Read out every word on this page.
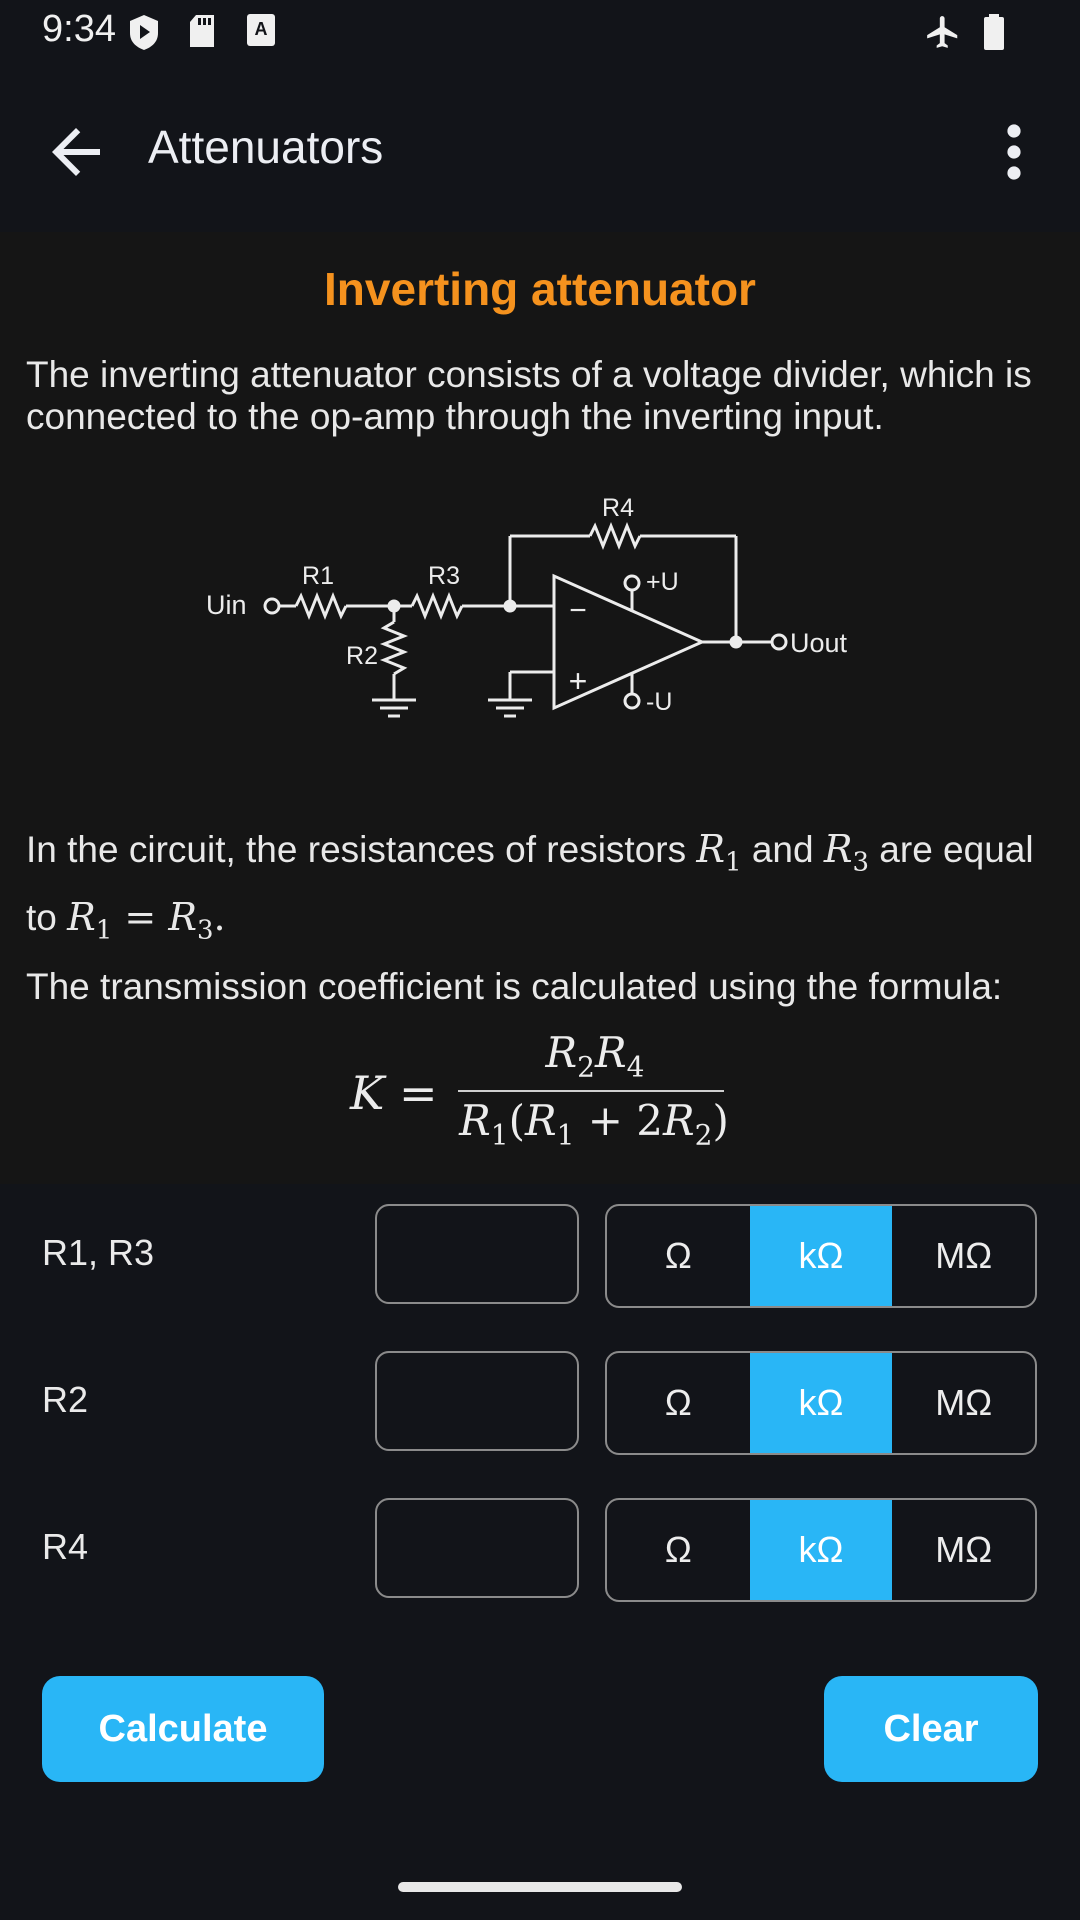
9:34	A
Attenuators
Inverting attenuator
The inverting attenuator consists of a voltage divider, which is connected to the op-amp through the inverting input.
Uin
R1
R2
R3
R4
−
+
+U
-U
Uout
In the circuit, the resistances of resistors $R_1$ and $R_3$ are equal to $R_1 = R_3$.
The transmission coefficient is calculated using the formula:
K =
$R_2R_4$
$R_1(R_1 + 2R_2)$
R1, R3	Ω	kΩ	MΩ
R2	Ω	kΩ	MΩ
R4	Ω	kΩ	MΩ
Calculate	Clear
